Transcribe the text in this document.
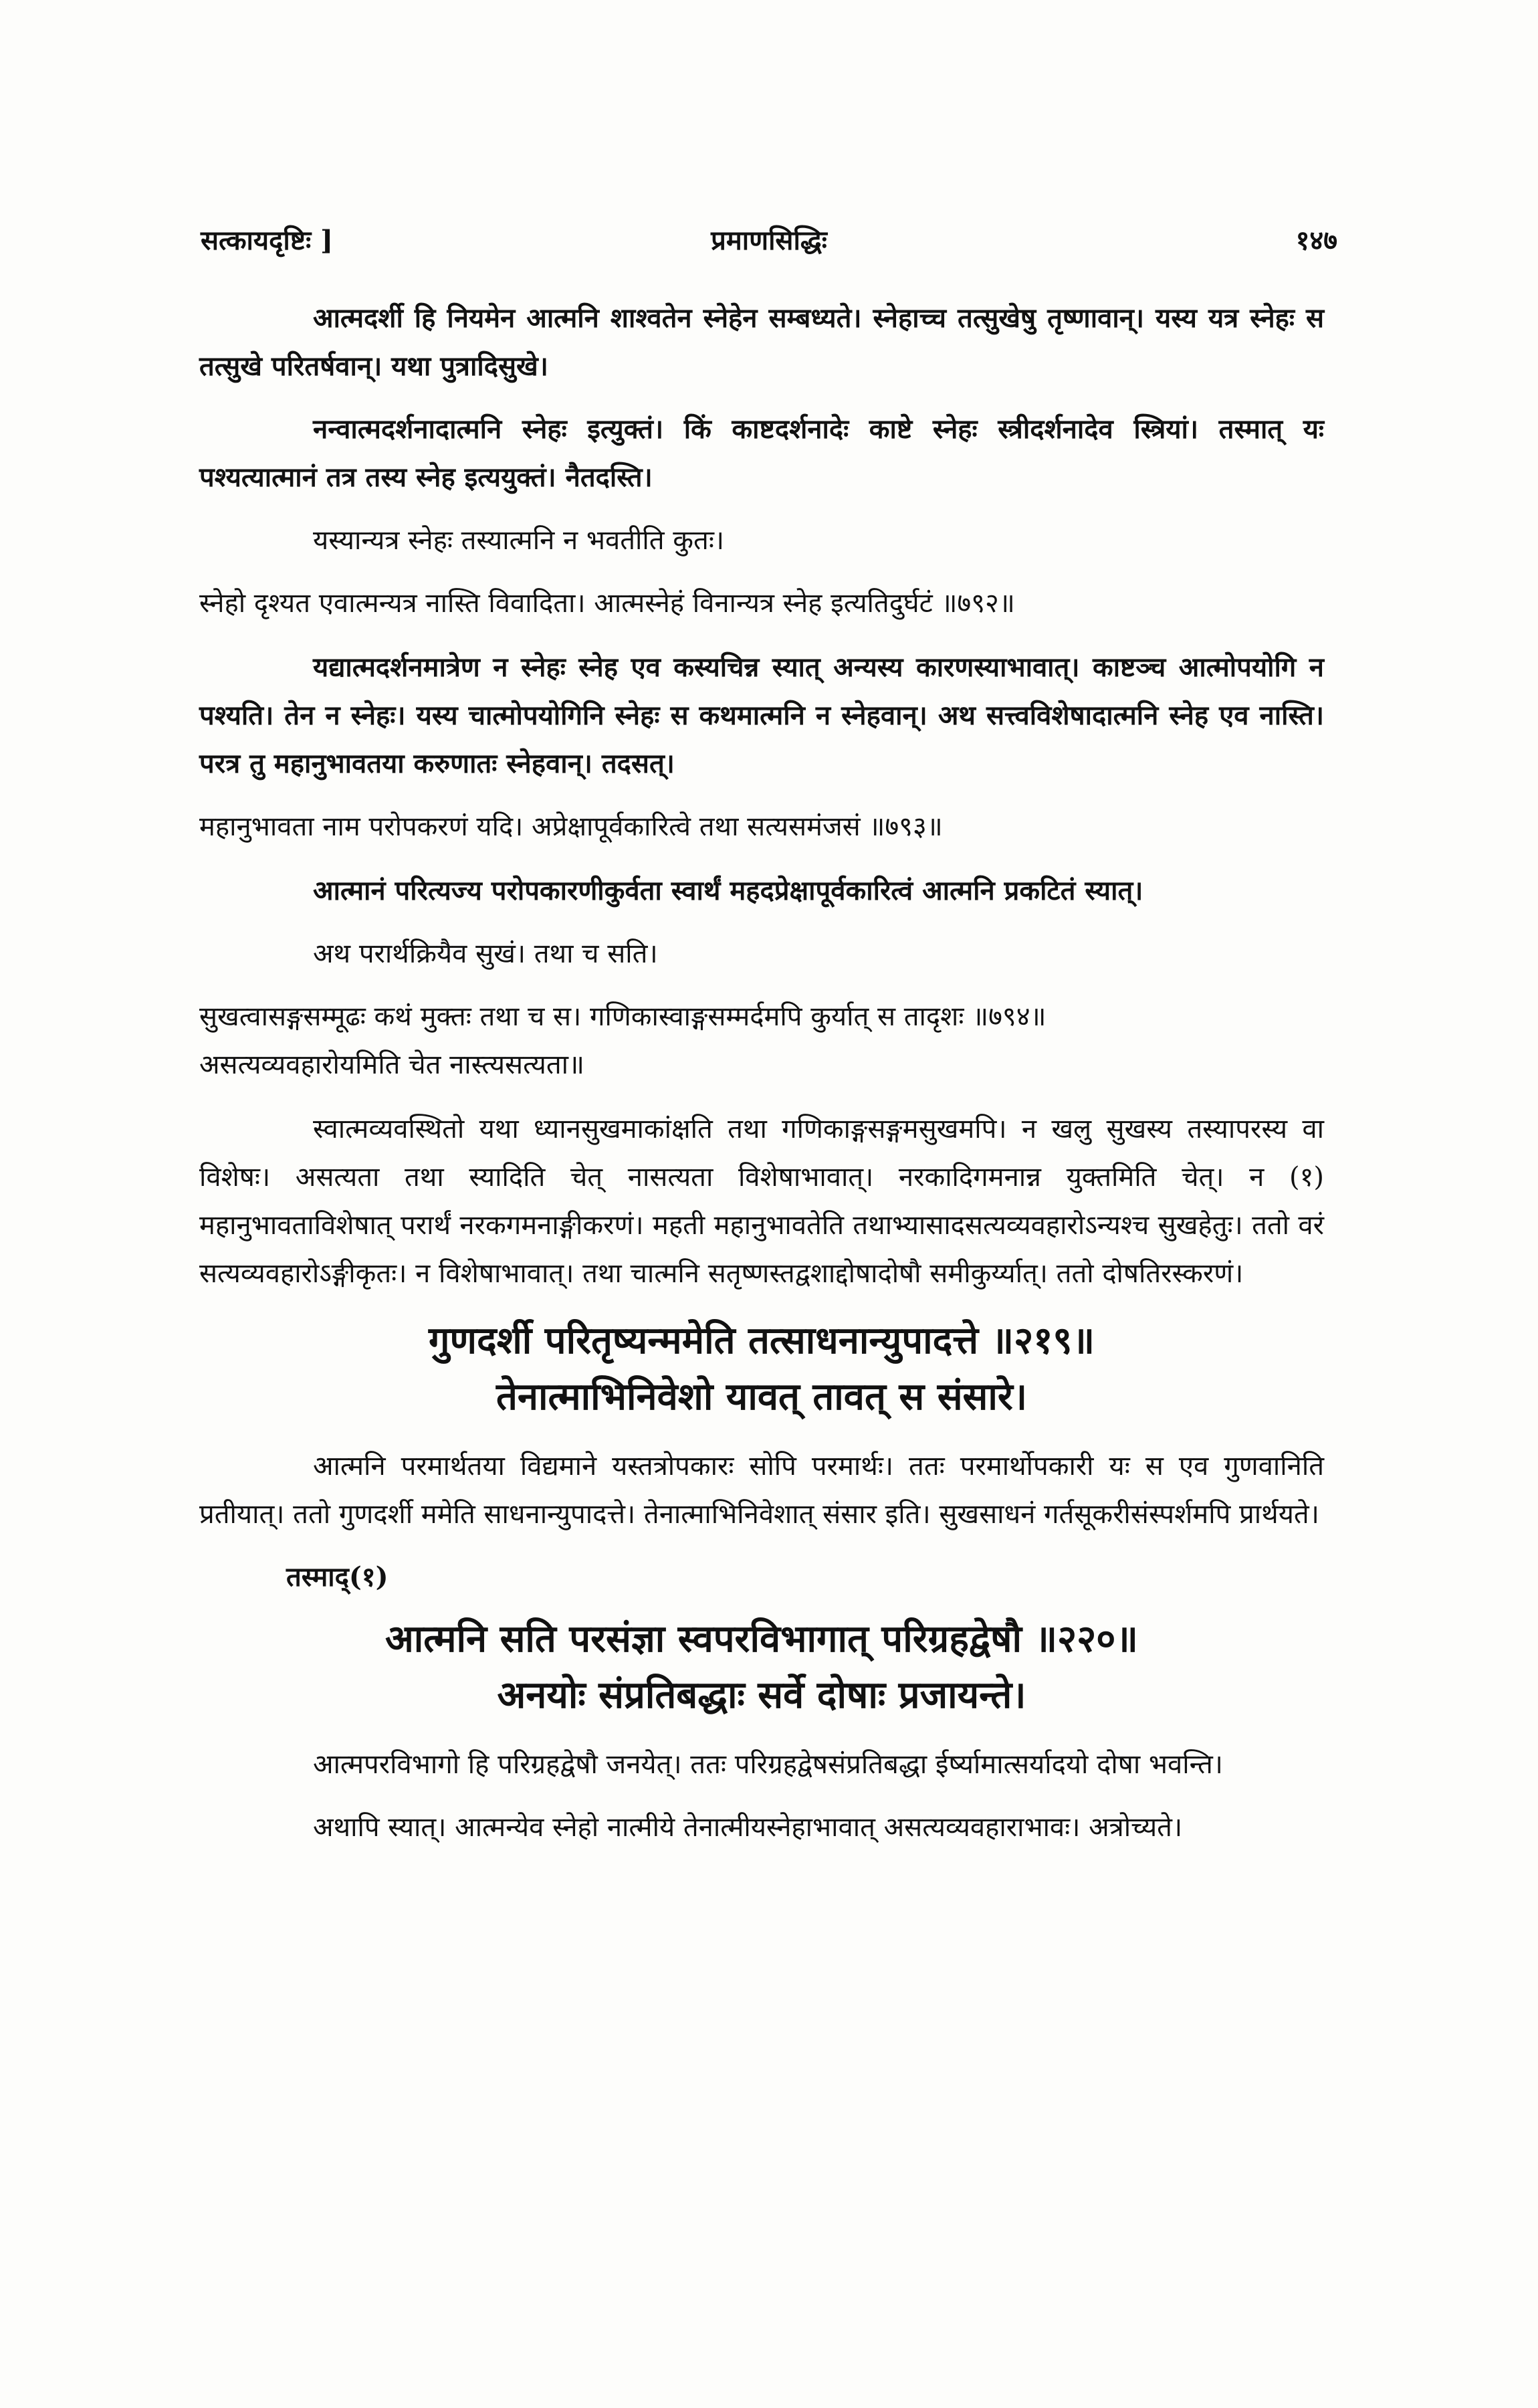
सत्कायदृष्टिः ]	प्रमाणसिद्धिः	१४७

आत्मदर्शी हि नियमेन आत्मनि शाश्वतेन स्नेहेन सम्बध्यते। स्नेहाच्च तत्सुखेषु तृष्णावान्। यस्य यत्र स्नेहः स तत्सुखे परितर्षवान्। यथा पुत्रादिसुखे।

नन्वात्मदर्शनादात्मनि स्नेहः इत्युक्तं। किं काष्टदर्शनादेः काष्टे स्नेहः स्त्रीदर्शनादेव स्त्रियां। तस्मात् यः पश्यत्यात्मानं तत्र तस्य स्नेह इत्ययुक्तं। नैतदस्ति।

यस्यान्यत्र स्नेहः तस्यात्मनि न भवतीति कुतः।

स्नेहो दृश्यत एवात्मन्यत्र नास्ति विवादिता। आत्मस्नेहं विनान्यत्र स्नेह इत्यतिदुर्घटं ॥७९२॥

यद्यात्मदर्शनमात्रेण न स्नेहः स्नेह एव कस्यचिन्न स्यात् अन्यस्य कारणस्याभावात्। काष्टञ्च आत्मोपयोगि न पश्यति। तेन न स्नेहः। यस्य चात्मोपयोगिनि स्नेहः स कथमात्मनि न स्नेहवान्। अथ सत्त्वविशेषादात्मनि स्नेह एव नास्ति। परत्र तु महानुभावतया करुणातः स्नेहवान्। तदसत्।

महानुभावता नाम परोपकरणं यदि। अप्रेक्षापूर्वकारित्वे तथा सत्यसमंजसं ॥७९३॥

आत्मानं परित्यज्य परोपकारणीकुर्वता स्वार्थं महदप्रेक्षापूर्वकारित्वं आत्मनि प्रकटितं स्यात्।

अथ परार्थक्रियैव सुखं। तथा च सति।

सुखत्वासङ्गसम्मूढः कथं मुक्तः तथा च स। गणिकास्वाङ्गसम्मर्दमपि कुर्यात् स तादृशः ॥७९४॥

असत्यव्यवहारोयमिति चेत नास्त्यसत्यता॥

स्वात्मव्यवस्थितो यथा ध्यानसुखमाकांक्षति तथा गणिकाङ्गसङ्गमसुखमपि। न खलु सुखस्य तस्यापरस्य वा विशेषः। असत्यता तथा स्यादिति चेत् नासत्यता विशेषाभावात्। नरकादिगमनान्न युक्तमिति चेत्। न (१) महानुभावताविशेषात् परार्थं नरकगमनाङ्गीकरणं। महती महानुभावतेति तथाभ्यासादसत्यव्यवहारोऽन्यश्च सुखहेतुः। ततो वरं सत्यव्यवहारोऽङ्गीकृतः। न विशेषाभावात्। तथा चात्मनि सतृष्णस्तद्वशाद्दोषादोषौ समीकुर्य्यात्। ततो दोषतिरस्करणं।

गुणदर्शी परितृष्यन्ममेति तत्साधनान्युपादत्ते ॥२१९॥

तेनात्माभिनिवेशो यावत् तावत् स संसारे।

आत्मनि परमार्थतया विद्यमाने यस्तत्रोपकारः सोपि परमार्थः। ततः परमार्थोपकारी यः स एव गुणवानिति प्रतीयात्। ततो गुणदर्शी ममेति साधनान्युपादत्ते। तेनात्माभिनिवेशात् संसार इति। सुखसाधनं गर्तसूकरीसंस्पर्शमपि प्रार्थयते।

तस्माद्(१)

आत्मनि सति परसंज्ञा स्वपरविभागात् परिग्रहद्वेषौ ॥२२०॥

अनयोः संप्रतिबद्धाः सर्वे दोषाः प्रजायन्ते।

आत्मपरविभागो हि परिग्रहद्वेषौ जनयेत्। ततः परिग्रहद्वेषसंप्रतिबद्धा ईर्ष्यामात्सर्यादयो दोषा भवन्ति।

अथापि स्यात्। आत्मन्येव स्नेहो नात्मीये तेनात्मीयस्नेहाभावात् असत्यव्यवहाराभावः। अत्रोच्यते।
